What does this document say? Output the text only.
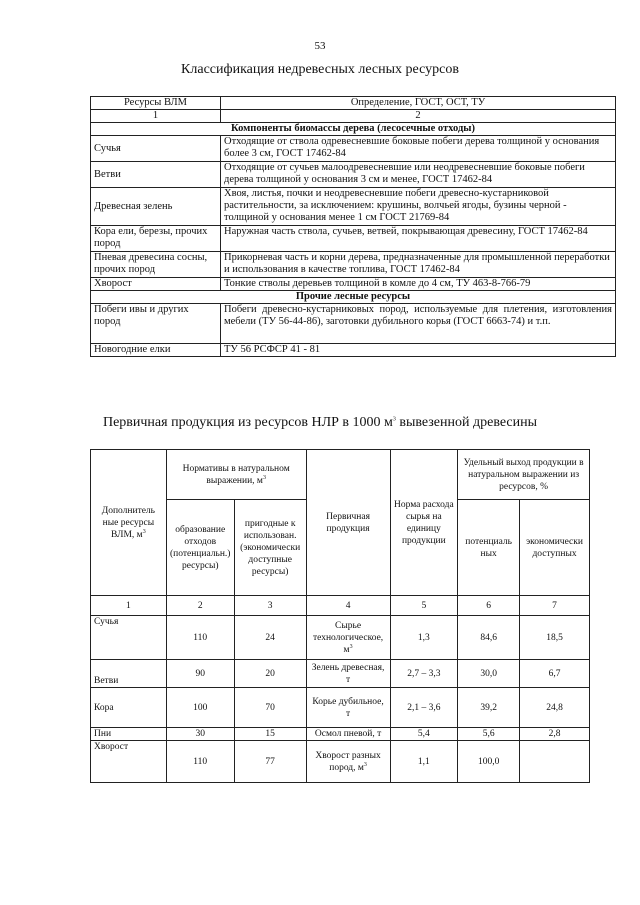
53
Классификация недревесных лесных ресурсов
Ресурсы ВЛМ	Определение, ГОСТ, ОСТ, ТУ
1	2
Компоненты биомассы дерева (лесосечные отходы)	
Сучья	Отходящие от ствола одревесневшие боковые побеги дерева толщиной у основания более 3 см, ГОСТ 17462-84
Ветви	Отходящие от сучьев малоодревесневшие или неодревесневшие боковые побеги дерева толщиной у основания 3 см и менее, ГОСТ 17462-84
Древесная зелень	Хвоя, листья, почки и неодревесневшие побеги древесно-кустарниковой растительности, за исключением: крушины, волчьей ягоды, бузины черной - толщиной у основания менее 1 см ГОСТ 21769-84
Кора ели, березы, прочих пород	Наружная часть ствола, сучьев, ветвей, покрывающая древесину, ГОСТ 17462-84
Пневая древесина сосны, прочих пород	Прикорневая часть и корни дерева, предназначенные для промышленной переработки и использования в качестве топлива, ГОСТ 17462-84
Хворост	Тонкие стволы деревьев толщиной в комле до 4 см, ТУ 463-8-766-79
Прочие лесные ресурсы	
Побеги ивы и других пород	Побеги древесно-кустарниковых пород, используемые для плетения, изготовления мебели (ТУ 56-44-86), заготовки дубильного корья (ГОСТ 6663-74) и т.п.
Новогодние елки	ТУ 56 РСФСР 41 - 81
Первичная продукция из ресурсов НЛР в 1000 $м^3$ вывезенной древесины
Дополнитель ные ресурсы ВЛМ, $м^3$	Нормативы в натуральном выражении, $м^3$		Первичная продукция	Норма расхода сырья на единицу продукции	Удельный выход продукции в натуральном выражении из ресурсов, %	
	образование отходов (потенциальн.) ресурсы)	пригодные к использован. (экономически доступные ресурсы)			потенциаль ных	экономически доступных
1	2	3	4	5	6	7
Сучья	110	24	Сырье технологическое, $м^3$	1,3	84,6	18,5
Ветви	90	20	Зелень древесная, т	2,7 – 3,3	30,0	6,7
Кора	100	70	Корье дубильное, т	2,1 – 3,6	39,2	24,8
Пни	30	15	Осмол пневой, т	5,4	5,6	2,8
Хворост	110	77	Хворост разных пород, $м^3$	1,1	100,0	
